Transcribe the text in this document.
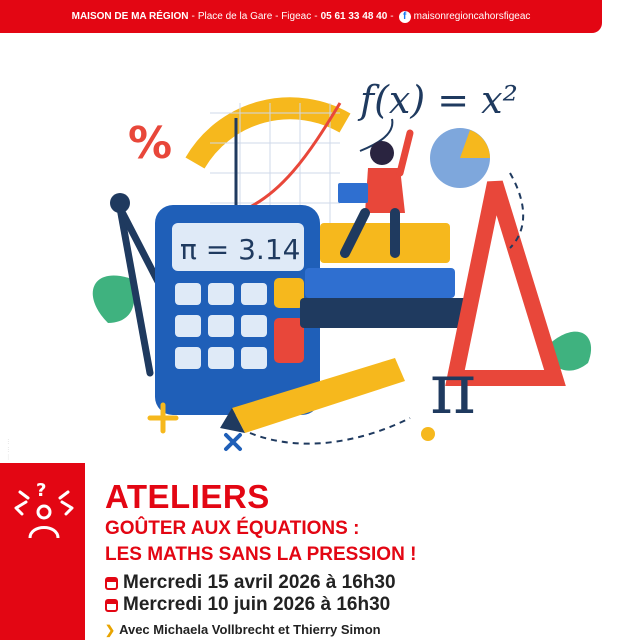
MAISON DE MA RÉGION - Place de la Gare - Figeac - 05 61 33 48 40 - f maisonregioncahorsfigeac
··· ··· ···
f(x) = x²
%
π = 3.14
π
? ATELIERS
GOÛTER AUX ÉQUATIONS :
LES MATHS SANS LA PRESSION !
Mercredi 15 avril 2026 à 16h30
Mercredi 10 juin 2026 à 16h30
❯ Avec Michaela Vollbrecht et Thierry Simon
